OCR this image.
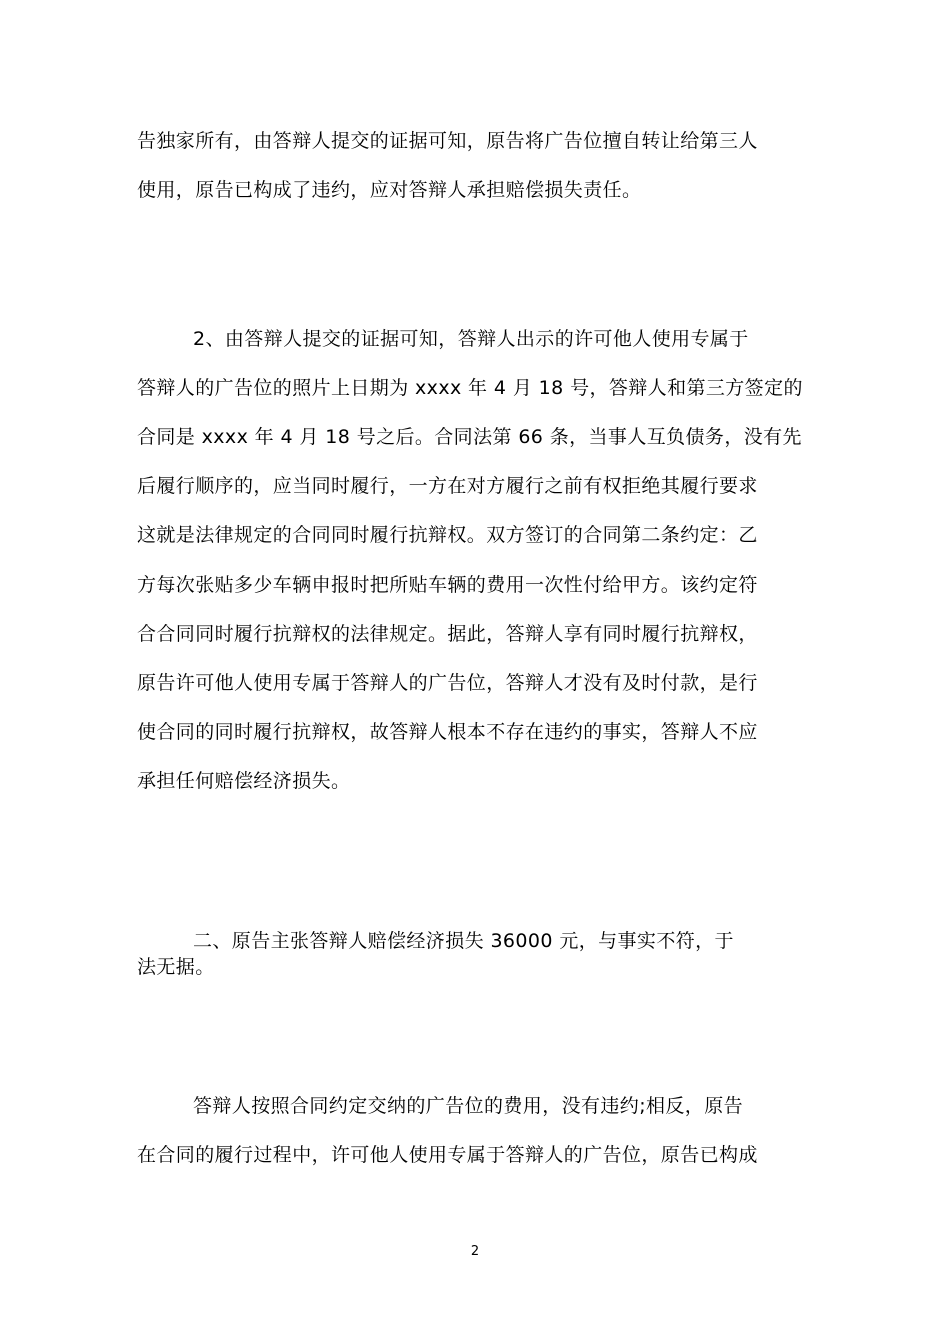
告独家所有，由答辩人提交的证据可知，原告将广告位擅自转让给第三人
使用，原告已构成了违约，应对答辩人承担赔偿损失责任。
2、由答辩人提交的证据可知，答辩人出示的许可他人使用专属于
答辩人的广告位的照片上日期为 xxxx 年 4 月 18 号，答辩人和第三方签定的
合同是 xxxx 年 4 月 18 号之后。合同法第 66 条，当事人互负债务，没有先
后履行顺序的，应当同时履行，一方在对方履行之前有权拒绝其履行要求
这就是法律规定的合同同时履行抗辩权。双方签订的合同第二条约定：乙
方每次张贴多少车辆申报时把所贴车辆的费用一次性付给甲方。该约定符
合合同同时履行抗辩权的法律规定。据此，答辩人享有同时履行抗辩权，
原告许可他人使用专属于答辩人的广告位，答辩人才没有及时付款，是行
使合同的同时履行抗辩权，故答辩人根本不存在违约的事实，答辩人不应
承担任何赔偿经济损失。
二、原告主张答辩人赔偿经济损失 36000 元，与事实不符，于
法无据。
答辩人按照合同约定交纳的广告位的费用，没有违约;相反，原告
在合同的履行过程中，许可他人使用专属于答辩人的广告位，原告已构成
2
